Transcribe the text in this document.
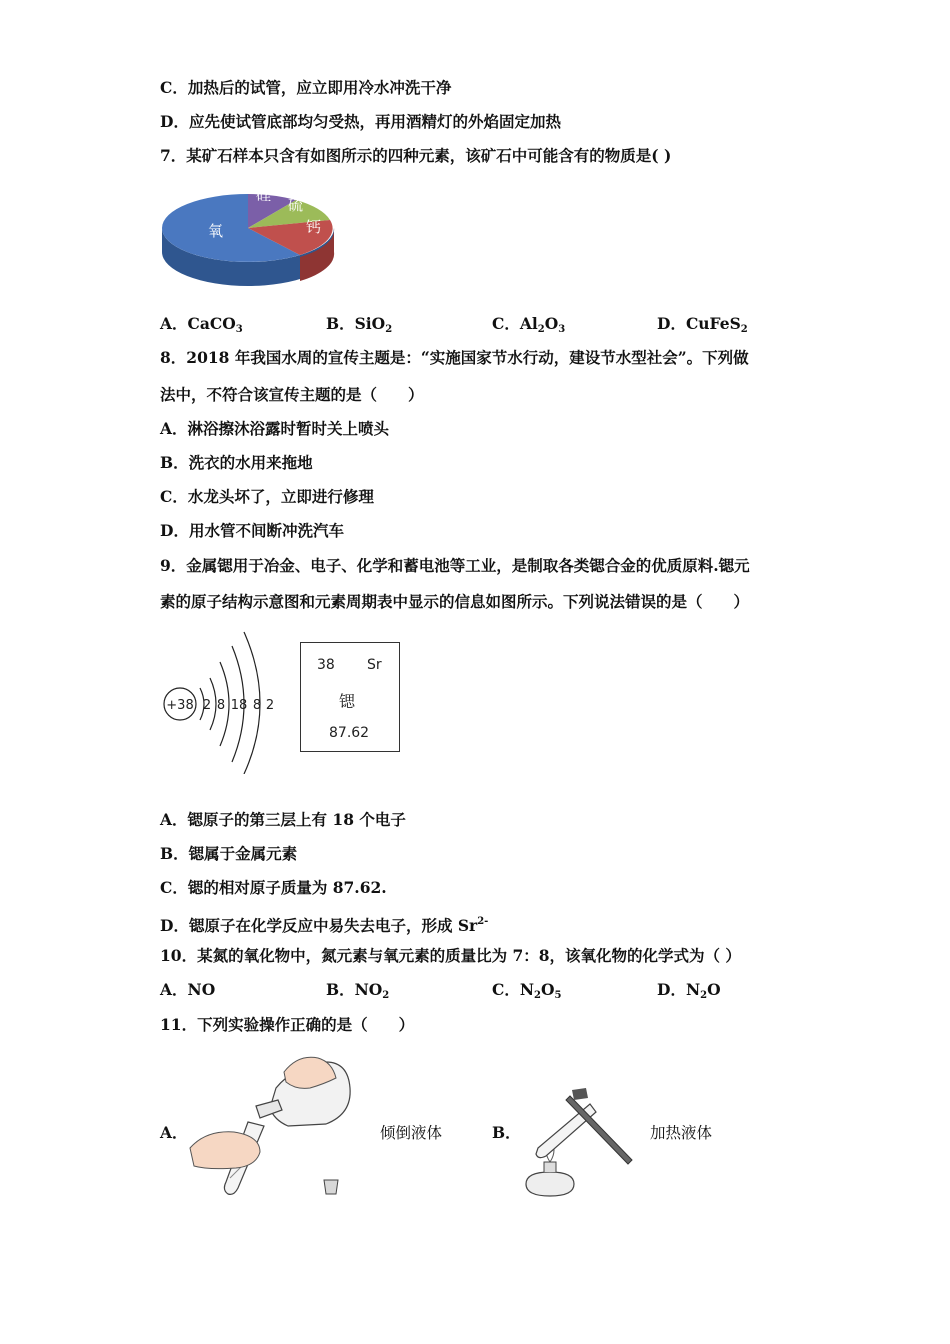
C．加热后的试管，应立即用冷水冲洗干净
D．应先使试管底部均匀受热，再用酒精灯的外焰固定加热
7．某矿石样本只含有如图所示的四种元素，该矿石中可能含有的物质是( )
氧
硅
硫
钙
A．CaCO$_3$	B．SiO$_2$	C．$Al_2O_3$	D．CuFeS$_2$
8．2018 年我国水周的宣传主题是：“实施国家节水行动，建设节水型社会”。下列做
法中，不符合该宣传主题的是（　　）
A．淋浴擦沐浴露时暂时关上喷头
B．洗衣的水用来拖地
C．水龙头坏了，立即进行修理
D．用水管不间断冲洗汽车
9．金属锶用于冶金、电子、化学和蓄电池等工业，是制取各类锶合金的优质原料.锶元
素的原子结构示意图和元素周期表中显示的信息如图所示。下列说法错误的是（　　）
+38 2 8 18 8 2
38 Sr
锶
87.62
A．锶原子的第三层上有 18 个电子
B．锶属于金属元素
C．锶的相对原子质量为 87.62.
D．锶原子在化学反应中易失去电子，形成 $Sr^{2-}$
10．某氮的氧化物中，氮元素与氧元素的质量比为 7：8，该氧化物的化学式为（ ）
A．NO	B．$NO_2$	C．$N_2O_5$	D．$N_2O$
11．下列实验操作正确的是（　　）
A．	倾倒液体	B．	加热液体
